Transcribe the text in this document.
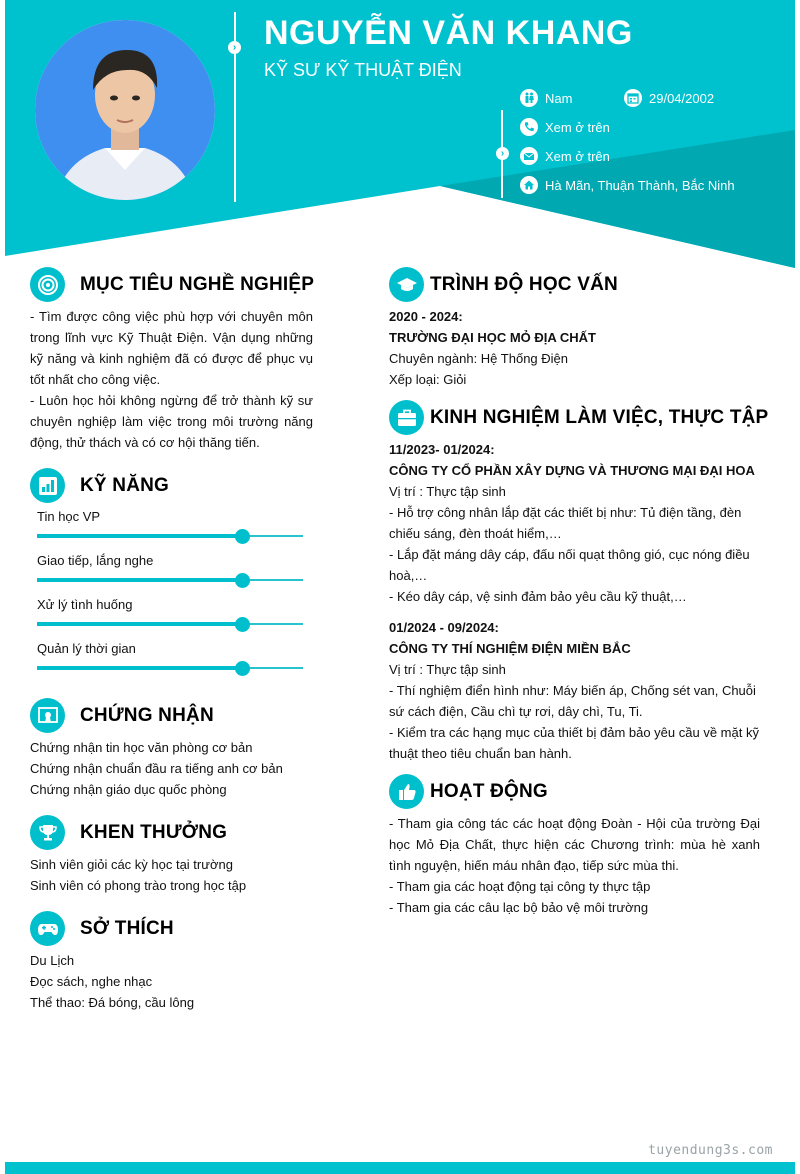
› NGUYỄN VĂN KHANG
KỸ SƯ KỸ THUẬT ĐIỆN
›
Nam	29/04/2002
Xem ở trên
Xem ở trên
Hà Mãn, Thuận Thành, Bắc Ninh
MỤC TIÊU NGHỀ NGHIỆP
- Tìm được công việc phù hợp với chuyên môn trong lĩnh vực Kỹ Thuật Điện. Vận dụng những kỹ năng và kinh nghiệm đã có được để phục vụ tốt nhất cho công việc.
- Luôn học hỏi không ngừng để trở thành kỹ sư chuyên nghiệp làm việc trong môi trường năng động, thử thách và có cơ hội thăng tiến.
KỸ NĂNG
Tin học VP
Giao tiếp, lắng nghe
Xử lý tình huống
Quản lý thời gian
CHỨNG NHẬN
Chứng nhận tin học văn phòng cơ bản
Chứng nhận chuẩn đầu ra tiếng anh cơ bản
Chứng nhận giáo dục quốc phòng
KHEN THƯỞNG
Sinh viên giỏi các kỳ học tại trường
Sinh viên có phong trào trong học tập
SỞ THÍCH
Du Lịch
Đọc sách, nghe nhạc
Thể thao: Đá bóng, cầu lông
TRÌNH ĐỘ HỌC VẤN
2020 - 2024:
TRƯỜNG ĐẠI HỌC MỎ ĐỊA CHẤT
Chuyên ngành: Hệ Thống Điện
Xếp loại: Giỏi
KINH NGHIỆM LÀM VIỆC, THỰC TẬP
11/2023- 01/2024:
CÔNG TY CỔ PHẦN XÂY DỰNG VÀ THƯƠNG MẠI ĐẠI HOA
Vị trí : Thực tập sinh
- Hỗ trợ công nhân lắp đặt các thiết bị như: Tủ điện tầng, đèn chiếu sáng, đèn thoát hiểm,…
- Lắp đặt máng dây cáp, đấu nối quạt thông gió, cục nóng điều hoà,…
- Kéo dây cáp, vệ sinh đảm bảo yêu cầu kỹ thuật,…
01/2024 - 09/2024:
CÔNG TY THÍ NGHIỆM ĐIỆN MIỀN BẮC
Vị trí : Thực tập sinh
- Thí nghiệm điển hình như: Máy biến áp, Chống sét van, Chuỗi sứ cách điện, Cầu chì tự rơi, dây chì, Tu, Ti.
- Kiểm tra các hạng mục của thiết bị đảm bảo yêu cầu về mặt kỹ thuật theo tiêu chuẩn ban hành.
HOẠT ĐỘNG
- Tham gia công tác các hoạt động Đoàn - Hội của trường Đại học Mỏ Địa Chất, thực hiện các Chương trình: mùa hè xanh tình nguyện, hiến máu nhân đạo, tiếp sức mùa thi.
- Tham gia các hoạt động tại công ty thực tập
- Tham gia các câu lạc bộ bảo vệ môi trường
tuyendung3s.com
